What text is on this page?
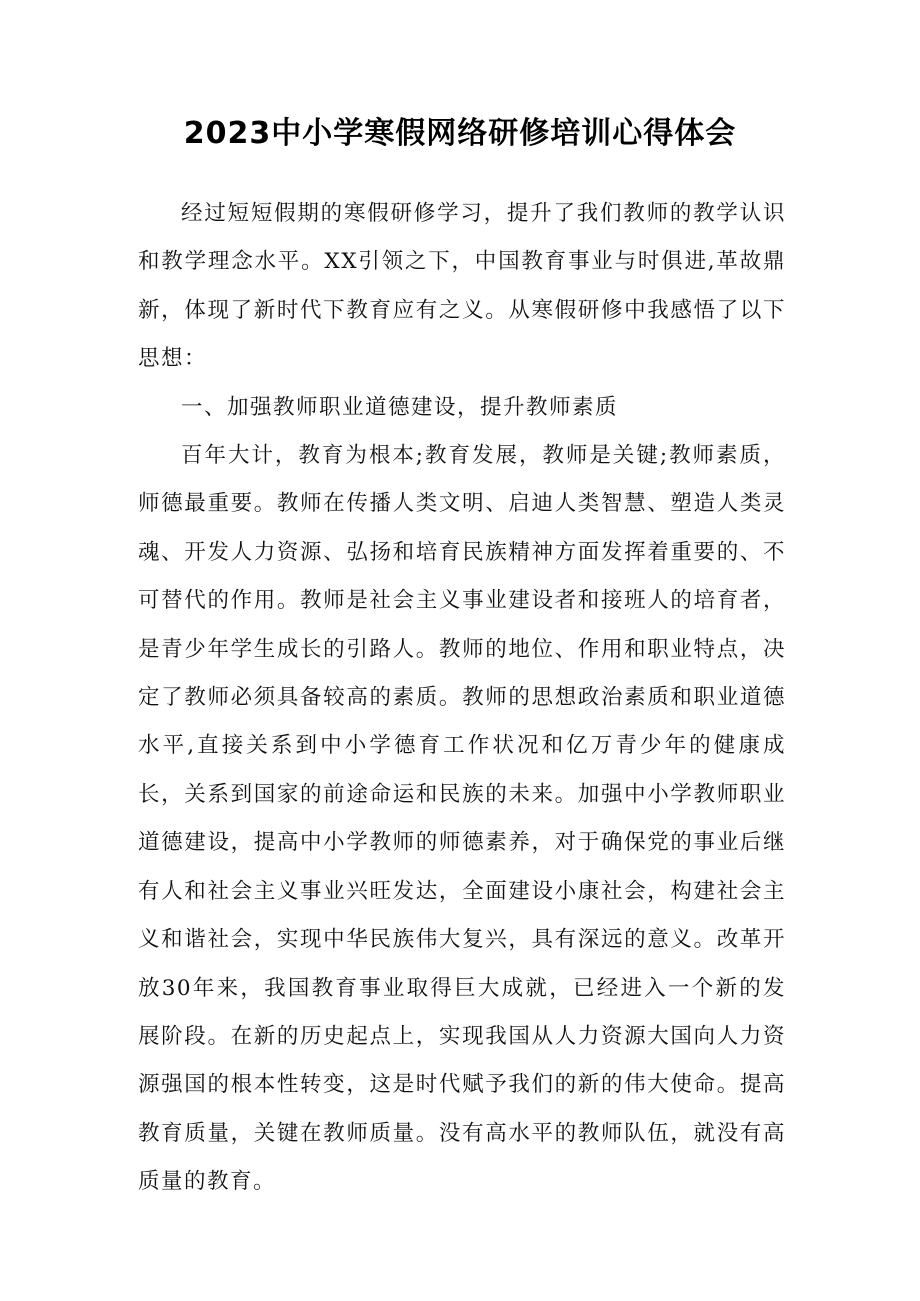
2023中小学寒假网络研修培训心得体会

经过短短假期的寒假研修学习，提升了我们教师的教学认识和教学理念水平。XX引领之下，中国教育事业与时俱进,革故鼎新，体现了新时代下教育应有之义。从寒假研修中我感悟了以下思想：

一、加强教师职业道德建设，提升教师素质

百年大计，教育为根本;教育发展，教师是关键;教师素质，师德最重要。教师在传播人类文明、启迪人类智慧、塑造人类灵魂、开发人力资源、弘扬和培育民族精神方面发挥着重要的、不可替代的作用。教师是社会主义事业建设者和接班人的培育者，是青少年学生成长的引路人。教师的地位、作用和职业特点，决定了教师必须具备较高的素质。教师的思想政治素质和职业道德水平,直接关系到中小学德育工作状况和亿万青少年的健康成长，关系到国家的前途命运和民族的未来。加强中小学教师职业道德建设，提高中小学教师的师德素养，对于确保党的事业后继有人和社会主义事业兴旺发达，全面建设小康社会，构建社会主义和谐社会，实现中华民族伟大复兴，具有深远的意义。改革开放30年来，我国教育事业取得巨大成就，已经进入一个新的发展阶段。在新的历史起点上，实现我国从人力资源大国向人力资源强国的根本性转变，这是时代赋予我们的新的伟大使命。提高教育质量，关键在教师质量。没有高水平的教师队伍，就没有高质量的教育。
